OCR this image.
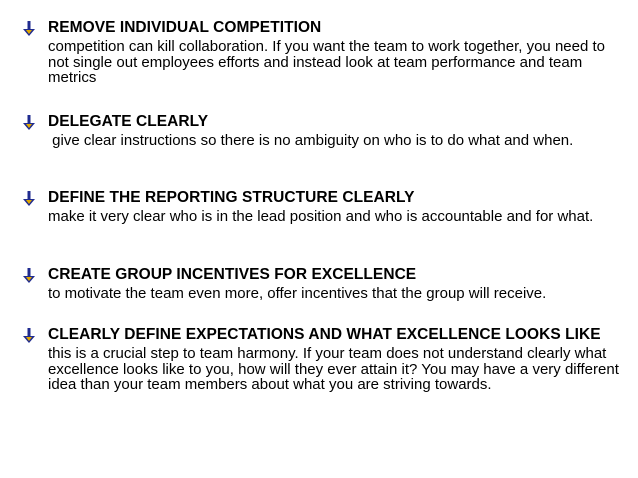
REMOVE INDIVIDUAL COMPETITION
competition can kill collaboration. If you want the team to work together, you need to not single out employees efforts and instead look at team performance and team metrics
DELEGATE CLEARLY
give clear instructions so there is no ambiguity on who is to do what and when.
DEFINE THE REPORTING STRUCTURE CLEARLY
make it very clear who is in the lead position and who is accountable and for what.
CREATE GROUP INCENTIVES FOR EXCELLENCE
to motivate the team even more, offer incentives that the group will receive.
CLEARLY DEFINE EXPECTATIONS AND WHAT EXCELLENCE LOOKS LIKE
this is a crucial step to team harmony. If your team does not understand clearly what excellence looks like to you, how will they ever attain it? You may have a very different idea than your team members about what you are striving towards.
